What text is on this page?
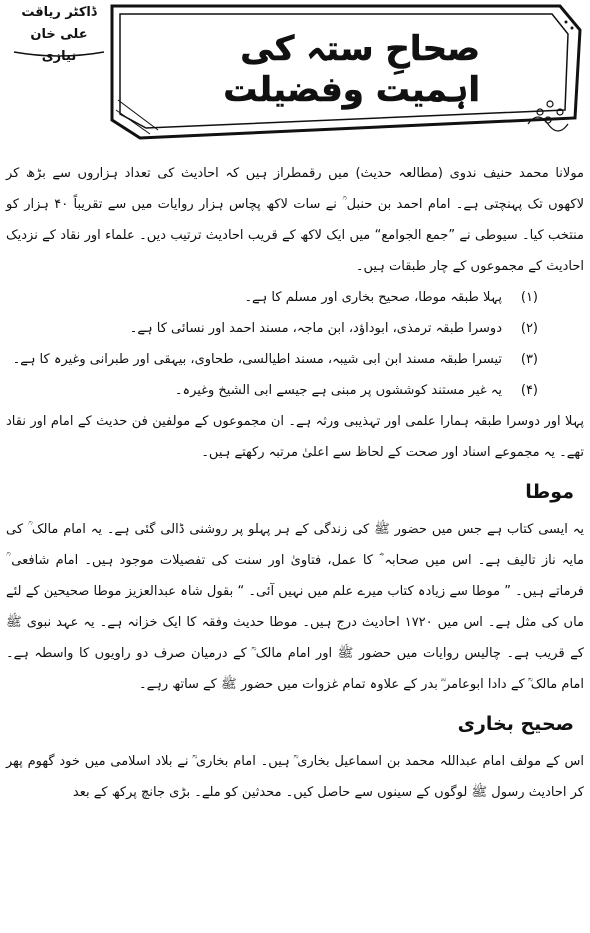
صحاحِ ستہ کی اہمیت وفضیلت
ڈاکٹر ریاقت
علی خان نیازی

مولانا محمد حنیف ندوی (مطالعہ حدیث) میں رقمطراز ہیں کہ احادیث کی تعداد ہزاروں سے بڑھ کر لاکھوں تک پہنچتی ہے۔ امام احمد بن حنبل ؒ نے سات لاکھ پچاس ہزار روایات میں سے تقریباً ۴۰ ہزار کو منتخب کیا۔ سیوطی نے ”جمع الجوامع“ میں ایک لاکھ کے قریب احادیث ترتیب دیں۔ علماء اور نقاد کے نزدیک احادیث کے مجموعوں کے چار طبقات ہیں۔

(۱)پہلا طبقہ موطا، صحیح بخاری اور مسلم کا ہے۔
(۲)دوسرا طبقہ ترمذی، ابوداؤد، ابن ماجہ، مسند احمد اور نسائی کا ہے۔
(۳)تیسرا طبقہ مسند ابن ابی شیبہ، مسند اطیالسی، طحاوی، بیہقی اور طبرانی وغیرہ کا ہے۔
(۴)یہ غیر مستند کوششوں پر مبنی ہے جیسے ابی الشیخ وغیرہ۔

پہلا اور دوسرا طبقہ ہمارا علمی اور تہذیبی ورثہ ہے۔ ان مجموعوں کے مولفین فن حدیث کے امام اور نقاد تھے۔ یہ مجموعے اسناد اور صحت کے لحاظ سے اعلیٰ مرتبہ رکھتے ہیں۔

موطا

یہ ایسی کتاب ہے جس میں حضور ﷺ کی زندگی کے ہر پہلو پر روشنی ڈالی گئی ہے۔ یہ امام مالک ؒ کی مایہ ناز تالیف ہے۔ اس میں صحابہ ؓ کا عمل، فتاویٰ اور سنت کی تفصیلات موجود ہیں۔ امام شافعی ؒ فرماتے ہیں۔ ” موطا سے زیادہ کتاب میرے علم میں نہیں آئی۔ “ بقول شاہ عبدالعزیز موطا صحیحین کے لئے ماں کی مثل ہے۔ اس میں ۱۷۲۰ احادیث درج ہیں۔ موطا حدیث وفقہ کا ایک خزانہ ہے۔ یہ عہد نبوی ﷺ کے قریب ہے۔ چالیس روایات میں حضور ﷺ اور امام مالک ؒ کے درمیان صرف دو راویوں کا واسطہ ہے۔ امام مالک ؒ کے دادا ابوعامر ؓ بدر کے علاوہ تمام غزوات میں حضور ﷺ کے ساتھ رہے۔

صحیح بخاری

اس کے مولف امام عبداللہ محمد بن اسماعیل بخاری ؒ ہیں۔ امام بخاری ؒ نے بلاد اسلامی میں خود گھوم پھر کر احادیث رسول ﷺ لوگوں کے سینوں سے حاصل کیں۔ محدثین کو ملے۔ بڑی جانچ پرکھ کے بعد
